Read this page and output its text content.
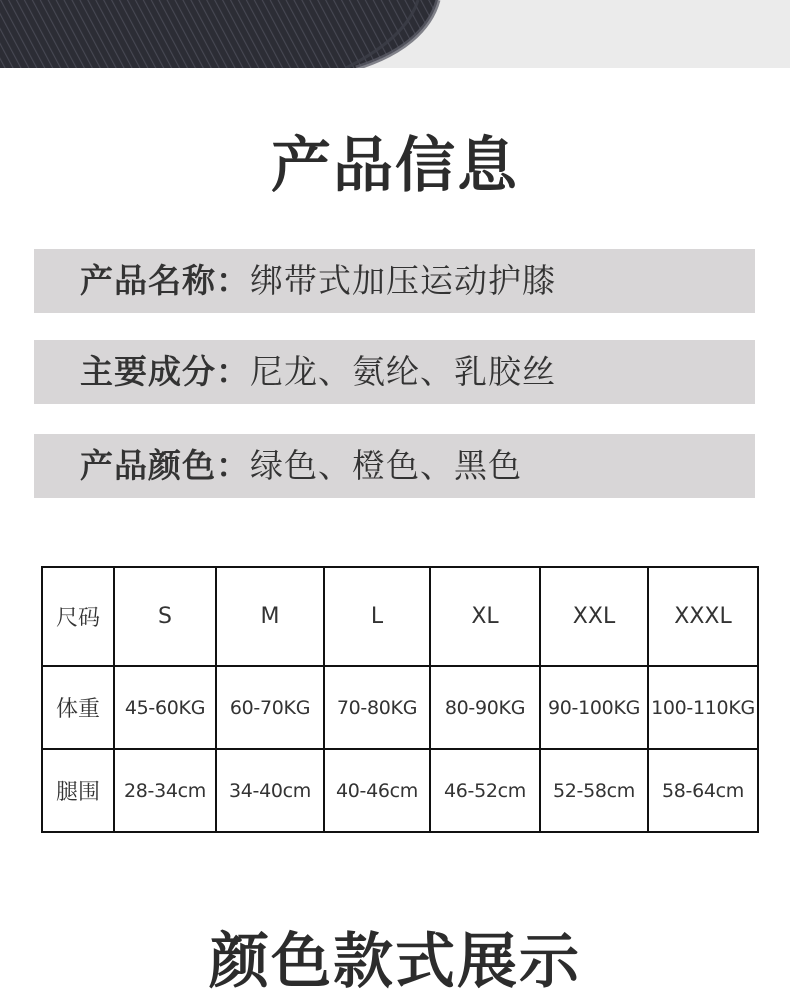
产品信息
产品名称：绑带式加压运动护膝
主要成分：尼龙、氨纶、乳胶丝
产品颜色：绿色、橙色、黑色
尺码	S	M	L	XL	XXL	XXXL
体重	45-60KG	60-70KG	70-80KG	80-90KG	90-100KG	100-110KG
腿围	28-34cm	34-40cm	40-46cm	46-52cm	52-58cm	58-64cm
颜色款式展示
